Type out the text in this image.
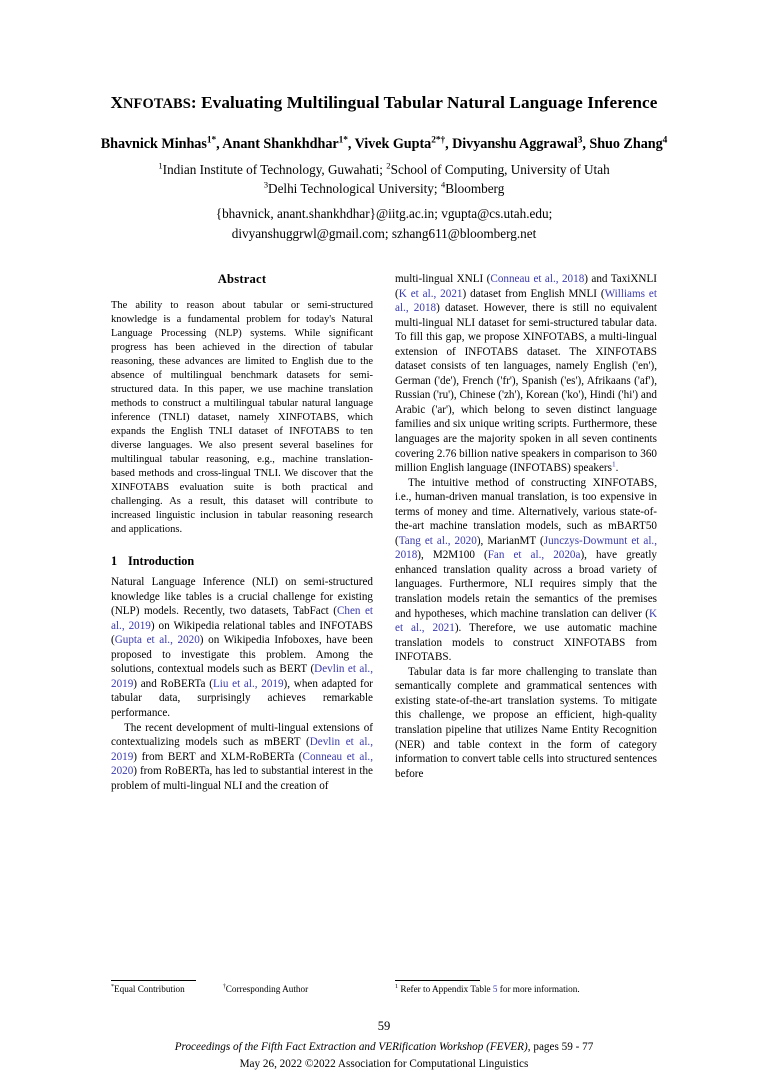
XNFOTABS: Evaluating Multilingual Tabular Natural Language Inference
Bhavnick Minhas$^{1*}$, Anant Shankhdhar$^{1*}$, Vivek Gupta$^{2*\dagger}$, Divyanshu Aggrawal$^3$, Shuo Zhang$^4$
$^1$Indian Institute of Technology, Guwahati; $^2$School of Computing, University of Utah
$^3$Delhi Technological University; $^4$Bloomberg
{bhavnick, anant.shankhdhar}@iitg.ac.in; vgupta@cs.utah.edu;
divyanshuggrwl@gmail.com; szhang611@bloomberg.net
Abstract
The ability to reason about tabular or semi-structured knowledge is a fundamental problem for today's Natural Language Processing (NLP) systems. While significant progress has been achieved in the direction of tabular reasoning, these advances are limited to English due to the absence of multilingual benchmark datasets for semi-structured data. In this paper, we use machine translation methods to construct a multilingual tabular natural language inference (TNLI) dataset, namely XINFOTABS, which expands the English TNLI dataset of INFOTABS to ten diverse languages. We also present several baselines for multilingual tabular reasoning, e.g., machine translation-based methods and cross-lingual TNLI. We discover that the XINFOTABS evaluation suite is both practical and challenging. As a result, this dataset will contribute to increased linguistic inclusion in tabular reasoning research and applications.
1 Introduction

Natural Language Inference (NLI) on semi-structured knowledge like tables is a crucial challenge for existing (NLP) models. Recently, two datasets, TabFact (Chen et al., 2019) on Wikipedia relational tables and INFOTABS (Gupta et al., 2020) on Wikipedia Infoboxes, have been proposed to investigate this problem. Among the solutions, contextual models such as BERT (Devlin et al., 2019) and RoBERTa (Liu et al., 2019), when adapted for tabular data, surprisingly achieves remarkable performance.

The recent development of multi-lingual extensions of contextualizing models such as mBERT (Devlin et al., 2019) from BERT and XLM-RoBERTa (Conneau et al., 2020) from RoBERTa, has led to substantial interest in the problem of multi-lingual NLI and the creation of

multi-lingual XNLI (Conneau et al., 2018) and TaxiXNLI (K et al., 2021) dataset from English MNLI (Williams et al., 2018) dataset. However, there is still no equivalent multi-lingual NLI dataset for semi-structured tabular data. To fill this gap, we propose XINFOTABS, a multi-lingual extension of INFOTABS dataset. The XINFOTABS dataset consists of ten languages, namely English ('en'), German ('de'), French ('fr'), Spanish ('es'), Afrikaans ('af'), Russian ('ru'), Chinese ('zh'), Korean ('ko'), Hindi ('hi') and Arabic ('ar'), which belong to seven distinct language families and six unique writing scripts. Furthermore, these languages are the majority spoken in all seven continents covering 2.76 billion native speakers in comparison to 360 million English language (INFOTABS) speakers$^1$.

The intuitive method of constructing XINFOTABS, i.e., human-driven manual translation, is too expensive in terms of money and time. Alternatively, various state-of-the-art machine translation models, such as mBART50 (Tang et al., 2020), MarianMT (Junczys-Dowmunt et al., 2018), M2M100 (Fan et al., 2020a), have greatly enhanced translation quality across a broad variety of languages. Furthermore, NLI requires simply that the translation models retain the semantics of the premises and hypotheses, which machine translation can deliver (K et al., 2021). Therefore, we use automatic machine translation models to construct XINFOTABS from INFOTABS.

Tabular data is far more challenging to translate than semantically complete and grammatical sentences with existing state-of-the-art translation systems. To mitigate this challenge, we propose an efficient, high-quality translation pipeline that utilizes Name Entity Recognition (NER) and table context in the form of category information to convert table cells into structured sentences before

*Equal Contribution	†Corresponding Author	$^1$ Refer to Appendix Table 5 for more information.
59
Proceedings of the Fifth Fact Extraction and VERification Workshop (FEVER), pages 59 - 77
May 26, 2022 ©2022 Association for Computational Linguistics
